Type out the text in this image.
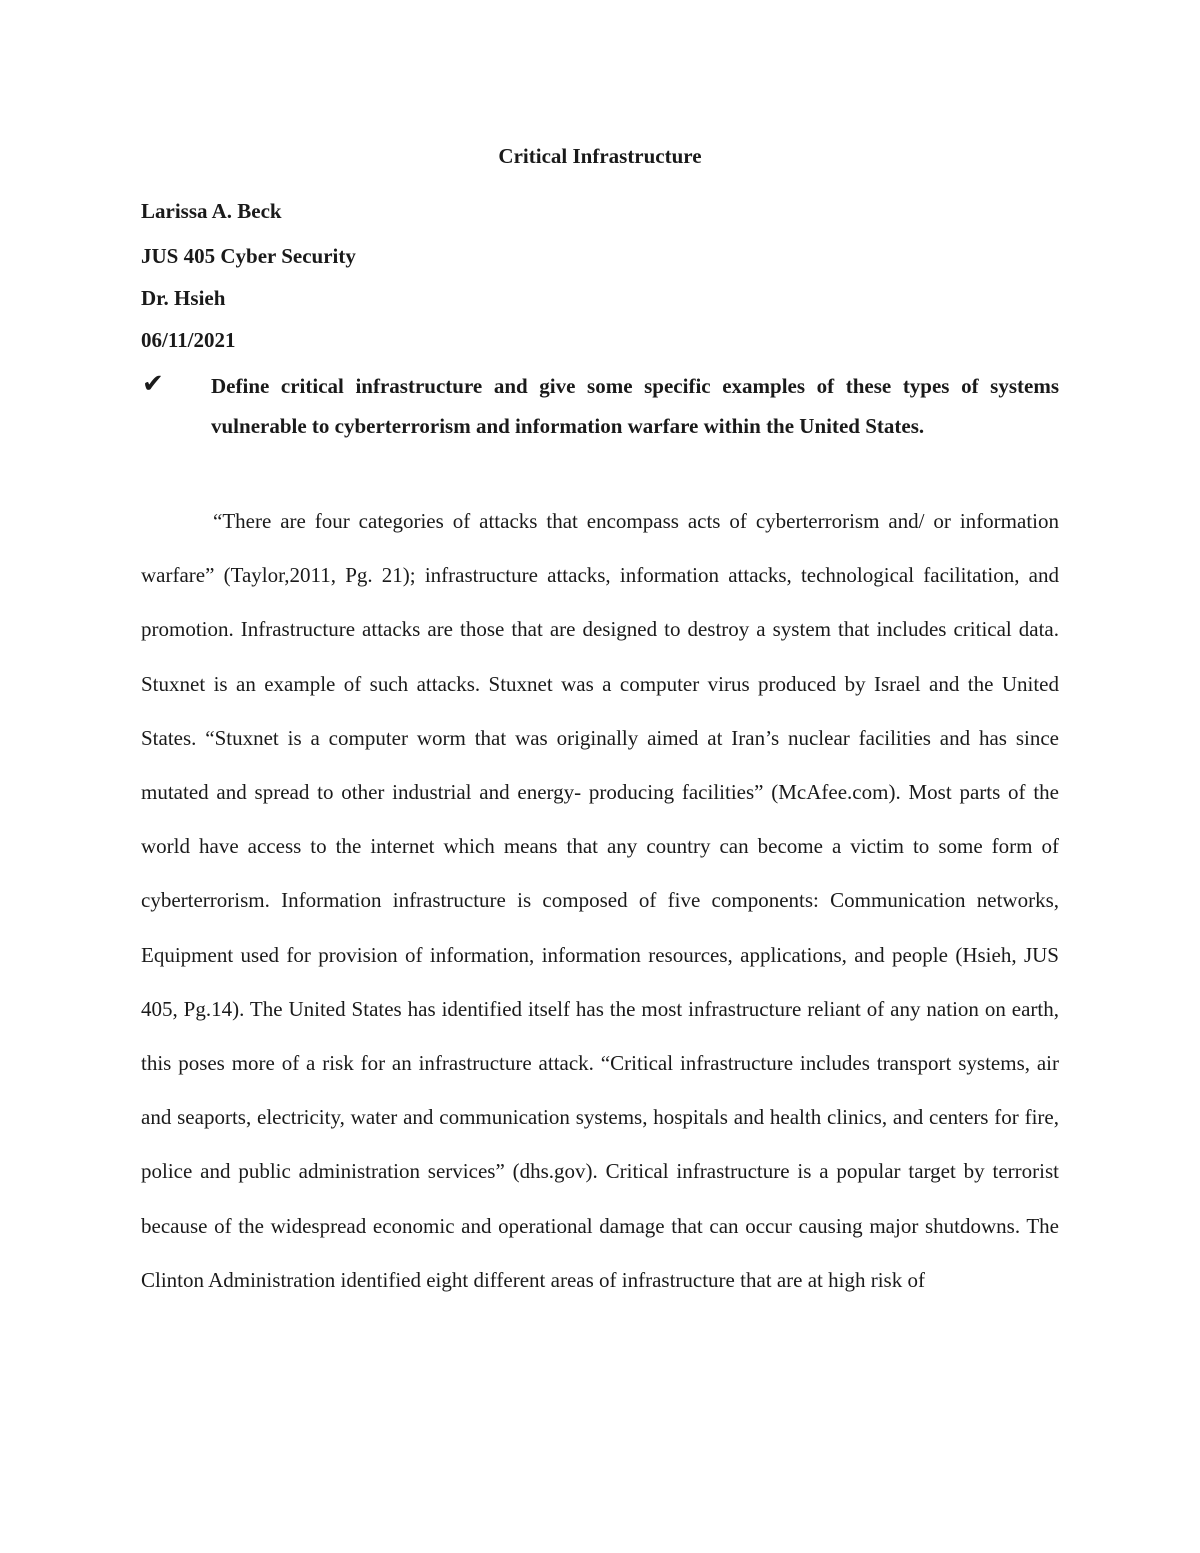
Critical Infrastructure

Larissa A. Beck

JUS 405 Cyber Security

Dr. Hsieh

06/11/2021

✔	Define critical infrastructure and give some specific examples of these types of systems vulnerable to cyberterrorism and information warfare within the United States.

“There are four categories of attacks that encompass acts of cyberterrorism and/ or information warfare” (Taylor,2011, Pg. 21); infrastructure attacks, information attacks, technological facilitation, and promotion. Infrastructure attacks are those that are designed to destroy a system that includes critical data. Stuxnet is an example of such attacks. Stuxnet was a computer virus produced by Israel and the United States. “Stuxnet is a computer worm that was originally aimed at Iran’s nuclear facilities and has since mutated and spread to other industrial and energy- producing facilities” (McAfee.com). Most parts of the world have access to the internet which means that any country can become a victim to some form of cyberterrorism. Information infrastructure is composed of five components: Communication networks, Equipment used for provision of information, information resources, applications, and people (Hsieh, JUS 405, Pg.14). The United States has identified itself has the most infrastructure reliant of any nation on earth, this poses more of a risk for an infrastructure attack. “Critical infrastructure includes transport systems, air and seaports, electricity, water and communication systems, hospitals and health clinics, and centers for fire, police and public administration services” (dhs.gov). Critical infrastructure is a popular target by terrorist because of the widespread economic and operational damage that can occur causing major shutdowns. The Clinton Administration identified eight different areas of infrastructure that are at high risk of
